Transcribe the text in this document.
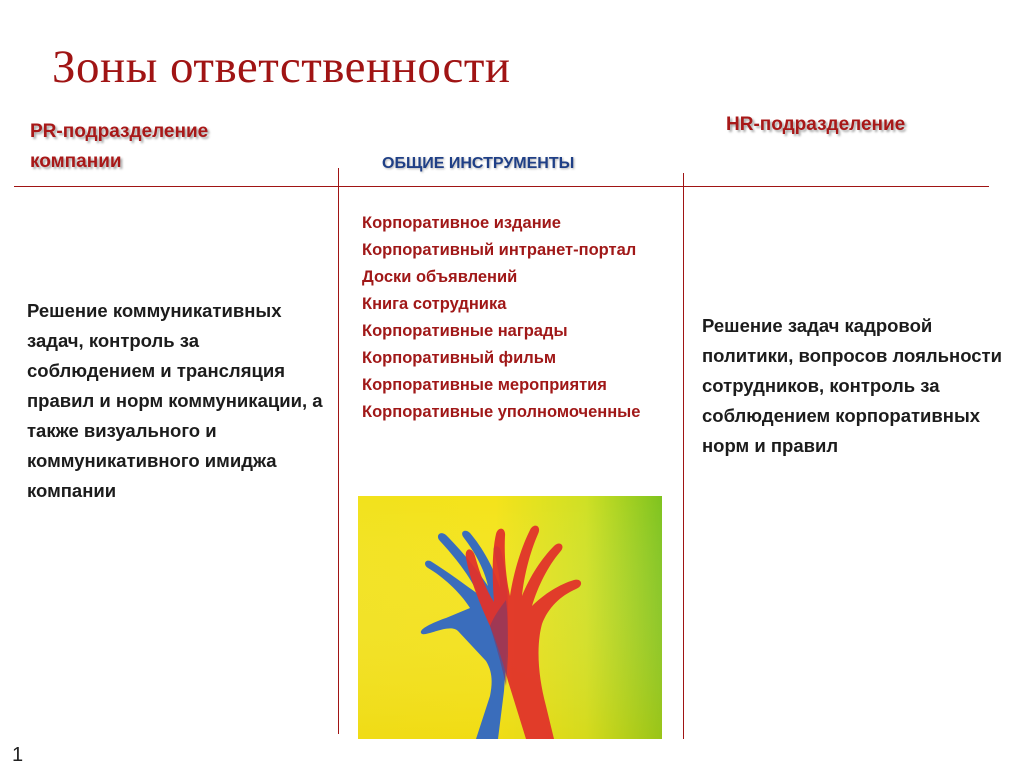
Зоны ответственности
PR-подразделение компании	ОБЩИЕ ИНСТРУМЕНТЫ
HR-подразделение
Решение коммуникативных задач, контроль за соблюдением и трансляция правил и норм коммуникации, а также визуального и коммуникативного имиджа компании
Корпоративное издание
Корпоративный интранет-портал
Доски объявлений
Книга сотрудника
Корпоративные награды
Корпоративный фильм
Корпоративные мероприятия
Корпоративные уполномоченные
Решение задач кадровой политики, вопросов лояльности сотрудников, контроль за соблюдением корпоративных норм и правил
1
